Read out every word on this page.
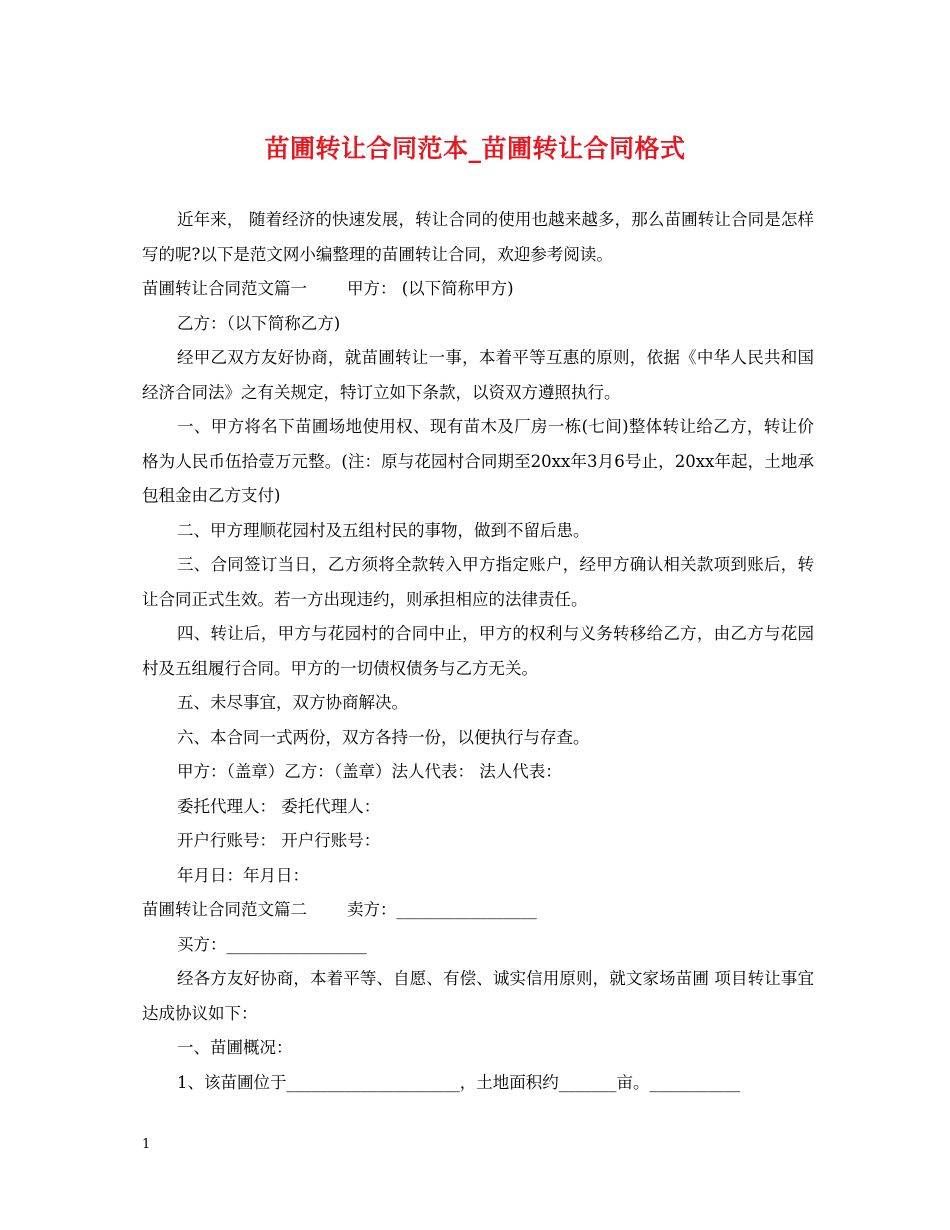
苗圃转让合同范本_苗圃转让合同格式

近年来， 随着经济的快速发展，转让合同的使用也越来越多，那么苗圃转让合同是怎样写的呢?以下是范文网小编整理的苗圃转让合同，欢迎参考阅读。

苗圃转让合同范文篇一 甲方： (以下简称甲方)

乙方：（以下简称乙方)

经甲乙双方友好协商，就苗圃转让一事，本着平等互惠的原则，依据《中华人民共和国经济合同法》之有关规定，特订立如下条款，以资双方遵照执行。

一、甲方将名下苗圃场地使用权、现有苗木及厂房一栋(七间)整体转让给乙方，转让价格为人民币伍拾壹万元整。(注：原与花园村合同期至20xx年3月6号止，20xx年起，土地承包租金由乙方支付)

二、甲方理顺花园村及五组村民的事物，做到不留后患。

三、合同签订当日，乙方须将全款转入甲方指定账户，经甲方确认相关款项到账后，转让合同正式生效。若一方出现违约，则承担相应的法律责任。

四、转让后，甲方与花园村的合同中止，甲方的权利与义务转移给乙方，由乙方与花园村及五组履行合同。甲方的一切债权债务与乙方无关。

五、未尽事宜，双方协商解决。

六、本合同一式两份，双方各持一份，以便执行与存查。

甲方：（盖章）乙方：（盖章）法人代表： 法人代表：

委托代理人： 委托代理人：

开户行账号： 开户行账号：

年月日：年月日：

苗圃转让合同范文篇二 卖方：_________________

买方：_________________

经各方友好协商，本着平等、自愿、有偿、诚实信用原则，就文家场苗圃 项目转让事宜达成协议如下：

一、苗圃概况：

1、该苗圃位于_____________________，土地面积约_______亩。___________

1
